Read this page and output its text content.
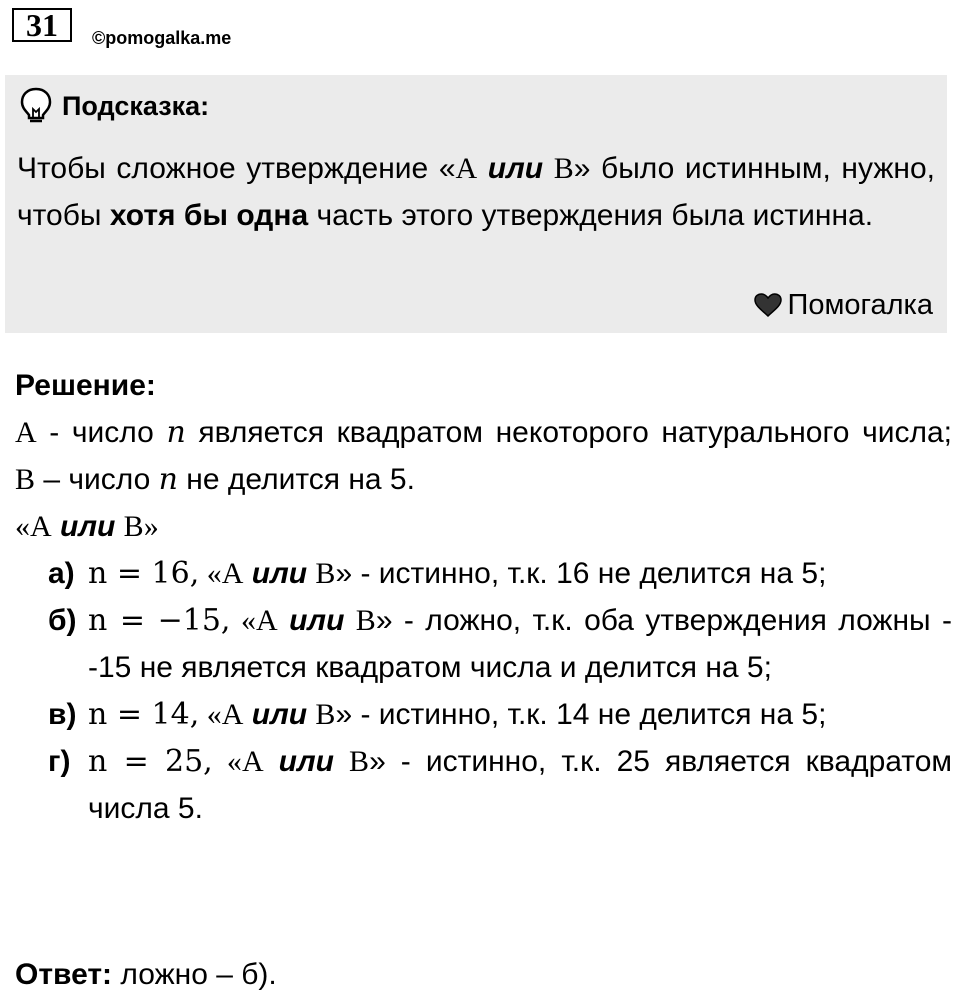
31	©pomogalka.me
Подсказка:
Чтобы сложное утверждение «A или B» было истинным, нужно, чтобы хотя бы одна часть этого утверждения была истинна.
Помогалка
Решение:
A - число n является квадратом некоторого натурального числа;
B – число n не делится на 5.
«A или B»
а) n = 16, «A или B» - истинно, т.к. 16 не делится на 5;
б) n = −15, «A или B» - ложно, т.к. оба утверждения ложны - -15 не является квадратом числа и делится на 5;
в) n = 14, «A или B» - истинно, т.к. 14 не делится на 5;
г) n = 25, «A или B» - истинно, т.к. 25 является квадратом числа 5.
Ответ: ложно – б).
